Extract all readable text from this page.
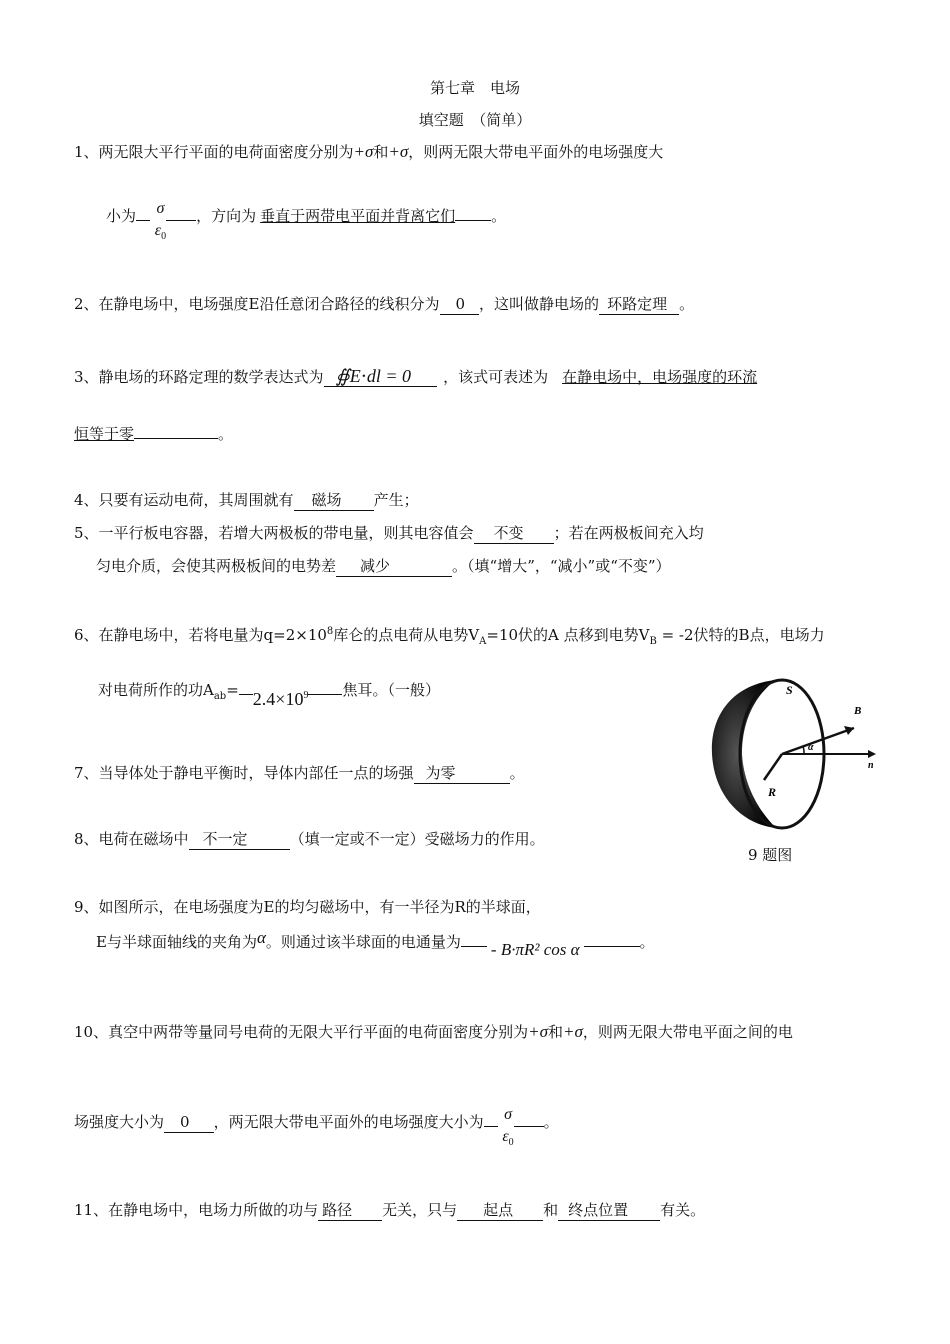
第七章　电场
填空题　（简单）
1、两无限大平行平面的电荷面密度分别为+σ和+σ，则两无限大带电平面外的电场强度大
小为 σ
$\varepsilon_0$
，方向为 垂直于两带电平面并背离它们 。
2、在静电场中，电场强度E沿任意闭合路径的线积分为 0 ，这叫做静电场的 环路定理 。
3、静电场的环路定理的数学表达式为 ∯E⋅dl = 0 ，该式可表述为 在静电场中，电场强度的环流
恒等于零	。
4、只要有运动电荷，其周围就有 磁场 产生；
5、一平行板电容器，若增大两极板的带电量，则其电容值会 不变 ；若在两极板间充入均
匀电介质，会使其两极板间的电势差 减少	。（填“增大”，“减小”或“不变”）
6、在静电场中，若将电量为$q=2\times 10^8$库仑的点电荷从电势$V_A=10$伏的A 点移到电势$V_B = -2$伏特的B点，电场力
对电荷所作的功$A_{ab}= 2.4\times 10^9$ 焦耳。（一般）	S
R
B
α
n
9 题图
7、当导体处于静电平衡时，导体内部任一点的场强 为零	。
8、电荷在磁场中 不一定	（填一定或不一定）受磁场力的作用。
9、如图所示，在电场强度为E的均匀磁场中，有一半径为R的半球面，
E与半球面轴线的夹角为α。则通过该半球面的电通量为 - B·πR² cos α	。
10、真空中两带等量同号电荷的无限大平行平面的电荷面密度分别为+σ和+σ，则两无限大带电平面之间的电
场强度大小为 0 ，两无限大带电平面外的电场强度大小为 σ
$\varepsilon_0$
。
11、在静电场中，电场力所做的功与 路径 无关，只与 起点 和 终点位置 有关。
